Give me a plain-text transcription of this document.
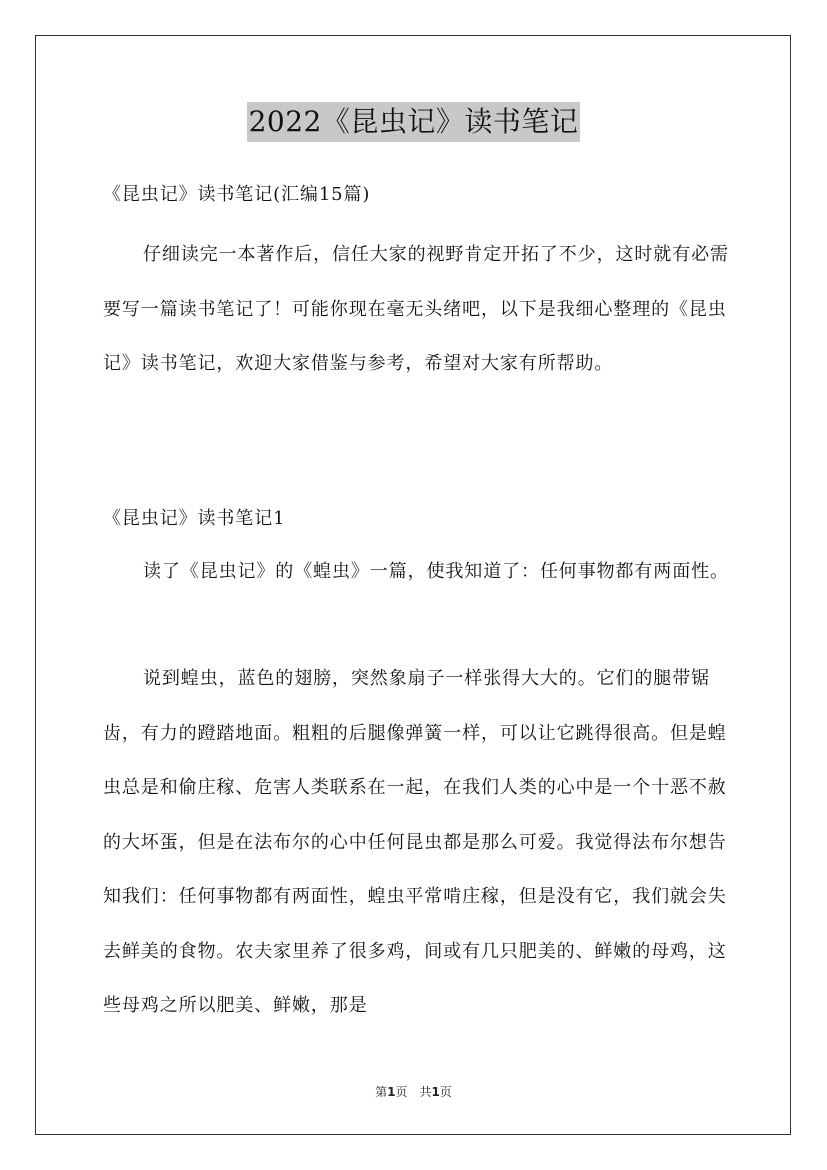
2022《昆虫记》读书笔记
《昆虫记》读书笔记(汇编15篇)
仔细读完一本著作后，信任大家的视野肯定开拓了不少，这时就有必需要写一篇读书笔记了！可能你现在毫无头绪吧，以下是我细心整理的《昆虫记》读书笔记，欢迎大家借鉴与参考，希望对大家有所帮助。
《昆虫记》读书笔记1
读了《昆虫记》的《蝗虫》一篇，使我知道了：任何事物都有两面性。
说到蝗虫，蓝色的翅膀，突然象扇子一样张得大大的。它们的腿带锯齿，有力的蹬踏地面。粗粗的后腿像弹簧一样，可以让它跳得很高。但是蝗虫总是和偷庄稼、危害人类联系在一起，在我们人类的心中是一个十恶不赦的大坏蛋，但是在法布尔的心中任何昆虫都是那么可爱。我觉得法布尔想告知我们：任何事物都有两面性，蝗虫平常啃庄稼，但是没有它，我们就会失去鲜美的食物。农夫家里养了很多鸡，间或有几只肥美的、鲜嫩的母鸡，这些母鸡之所以肥美、鲜嫩，那是
第1页　共1页
